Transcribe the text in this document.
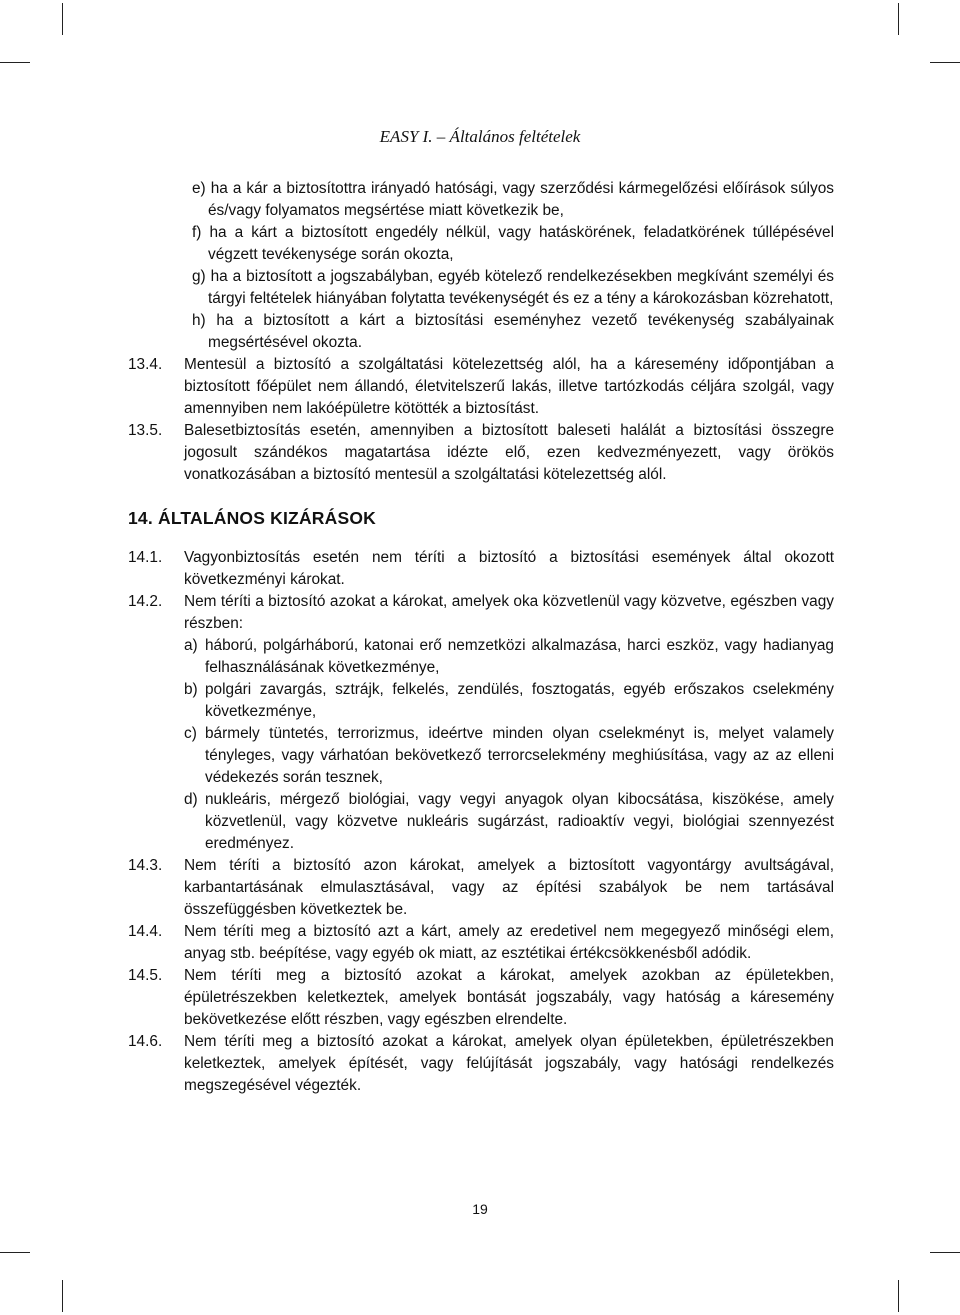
EASY I. – Általános feltételek

e) ha a kár a biztosítottra irányadó hatósági, vagy szerződési kármegelőzési előírások súlyos és/vagy folyamatos megsértése miatt következik be,

f) ha a kárt a biztosított engedély nélkül, vagy hatáskörének, feladatkörének túllépésével végzett tevékenysége során okozta,

g) ha a biztosított a jogszabályban, egyéb kötelező rendelkezésekben megkívánt személyi és tárgyi feltételek hiányában folytatta tevékenységét és ez a tény a károkozásban közrehatott,

h) ha a biztosított a kárt a biztosítási eseményhez vezető tevékenység szabályainak megsértésével okozta.

13.4. Mentesül a biztosító a szolgáltatási kötelezettség alól, ha a káresemény időpontjában a biztosított főépület nem állandó, életvitelszerű lakás, illetve tartózkodás céljára szolgál, vagy amennyiben nem lakóépületre kötötték a biztosítást.
13.5. Balesetbiztosítás esetén, amennyiben a biztosított baleseti halálát a biztosítási összegre jogosult szándékos magatartása idézte elő, ezen kedvezményezett, vagy örökös vonatkozásában a biztosító mentesül a szolgáltatási kötelezettség alól.
14. ÁLTALÁNOS KIZÁRÁSOK
14.1. Vagyonbiztosítás esetén nem téríti a biztosító a biztosítási események által okozott következményi károkat.
14.2. Nem téríti a biztosító azokat a károkat, amelyek oka közvetlenül vagy közvetve, egészben vagy részben:
a) háború, polgárháború, katonai erő nemzetközi alkalmazása, harci eszköz, vagy hadianyag felhasználásának következménye,
b) polgári zavargás, sztrájk, felkelés, zendülés, fosztogatás, egyéb erőszakos cselekmény következménye,
c) bármely tüntetés, terrorizmus, ideértve minden olyan cselekményt is, melyet valamely tényleges, vagy várhatóan bekövetkező terrorcselekmény meghiúsítása, vagy az az elleni védekezés során tesznek,
d) nukleáris, mérgező biológiai, vagy vegyi anyagok olyan kibocsátása, kiszökése, amely közvetlenül, vagy közvetve nukleáris sugárzást, radioaktív vegyi, biológiai szennyezést eredményez.
14.3. Nem téríti a biztosító azon károkat, amelyek a biztosított vagyontárgy avultságával, karbantartásának elmulasztásával, vagy az építési szabályok be nem tartásával összefüggésben következtek be.
14.4. Nem téríti meg a biztosító azt a kárt, amely az eredetivel nem megegyező minőségi elem, anyag stb. beépítése, vagy egyéb ok miatt, az esztétikai értékcsökkenésből adódik.
14.5. Nem téríti meg a biztosító azokat a károkat, amelyek azokban az épületekben, épületrészekben keletkeztek, amelyek bontását jogszabály, vagy hatóság a káresemény bekövetkezése előtt részben, vagy egészben elrendelte.
14.6. Nem téríti meg a biztosító azokat a károkat, amelyek olyan épületekben, épületrészekben keletkeztek, amelyek építését, vagy felújítását jogszabály, vagy hatósági rendelkezés megszegésével végezték.
19
